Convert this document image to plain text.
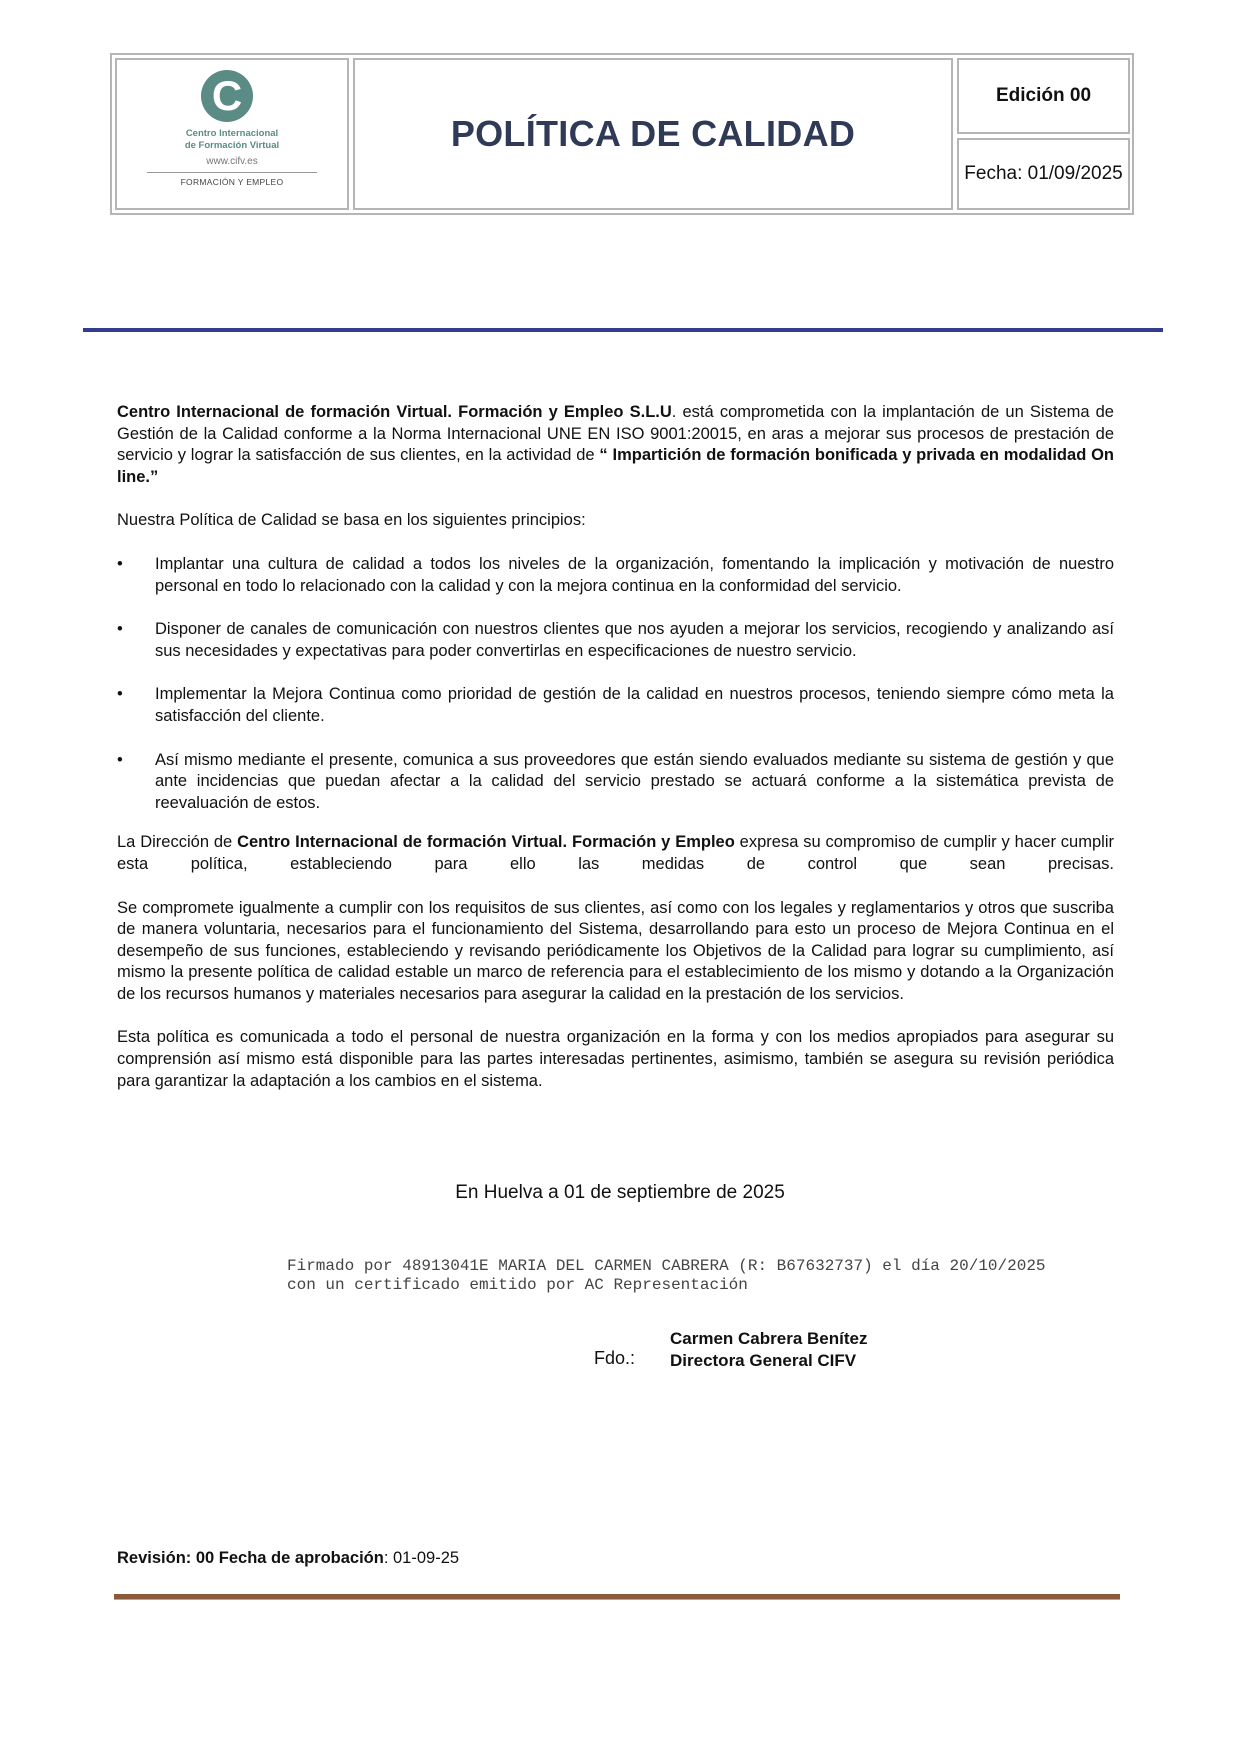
C
Centro Internacional
de Formación Virtual
www.cifv.es
FORMACIÓN Y EMPLEO
POLÍTICA DE CALIDAD
Edición 00
Fecha: 01/09/2025

Centro Internacional de formación Virtual. Formación y Empleo S.L.U. está comprometida con la implantación de un Sistema de Gestión de la Calidad conforme a la Norma Internacional UNE EN ISO 9001:20015, en aras a mejorar sus procesos de prestación de servicio y lograr la satisfacción de sus clientes, en la actividad de “ Impartición de formación bonificada y privada en modalidad On line.”

Nuestra Política de Calidad se basa en los siguientes principios:

• Implantar una cultura de calidad a todos los niveles de la organización, fomentando la implicación y motivación de nuestro personal en todo lo relacionado con la calidad y con la mejora continua en la conformidad del servicio.
• Disponer de canales de comunicación con nuestros clientes que nos ayuden a mejorar los servicios, recogiendo y analizando así sus necesidades y expectativas para poder convertirlas en especificaciones de nuestro servicio.
• Implementar la Mejora Continua como prioridad de gestión de la calidad en nuestros procesos, teniendo siempre cómo meta la satisfacción del cliente.
• Así mismo mediante el presente, comunica a sus proveedores que están siendo evaluados mediante su sistema de gestión y que ante incidencias que puedan afectar a la calidad del servicio prestado se actuará conforme a la sistemática prevista de reevaluación de estos.

La Dirección de Centro Internacional de formación Virtual. Formación y Empleo expresa su compromiso de cumplir y hacer cumplir esta política, estableciendo para ello las medidas de control que sean precisas.

Se compromete igualmente a cumplir con los requisitos de sus clientes, así como con los legales y reglamentarios y otros que suscriba de manera voluntaria, necesarios para el funcionamiento del Sistema, desarrollando para esto un proceso de Mejora Continua en el desempeño de sus funciones, estableciendo y revisando periódicamente los Objetivos de la Calidad para lograr su cumplimiento, así mismo la presente política de calidad estable un marco de referencia para el establecimiento de los mismo y dotando a la Organización de los recursos humanos y materiales necesarios para asegurar la calidad en la prestación de los servicios.

Esta política es comunicada a todo el personal de nuestra organización en la forma y con los medios apropiados para asegurar su comprensión así mismo está disponible para las partes interesadas pertinentes, asimismo, también se asegura su revisión periódica para garantizar la adaptación a los cambios en el sistema.

En Huelva a 01 de septiembre de 2025
Firmado por 48913041E MARIA DEL CARMEN CABRERA (R: B67632737) el día 20/10/2025
con un certificado emitido por AC Representación
Fdo.:
Carmen Cabrera Benítez
Directora General CIFV
Revisión: 00 Fecha de aprobación: 01-09-25
